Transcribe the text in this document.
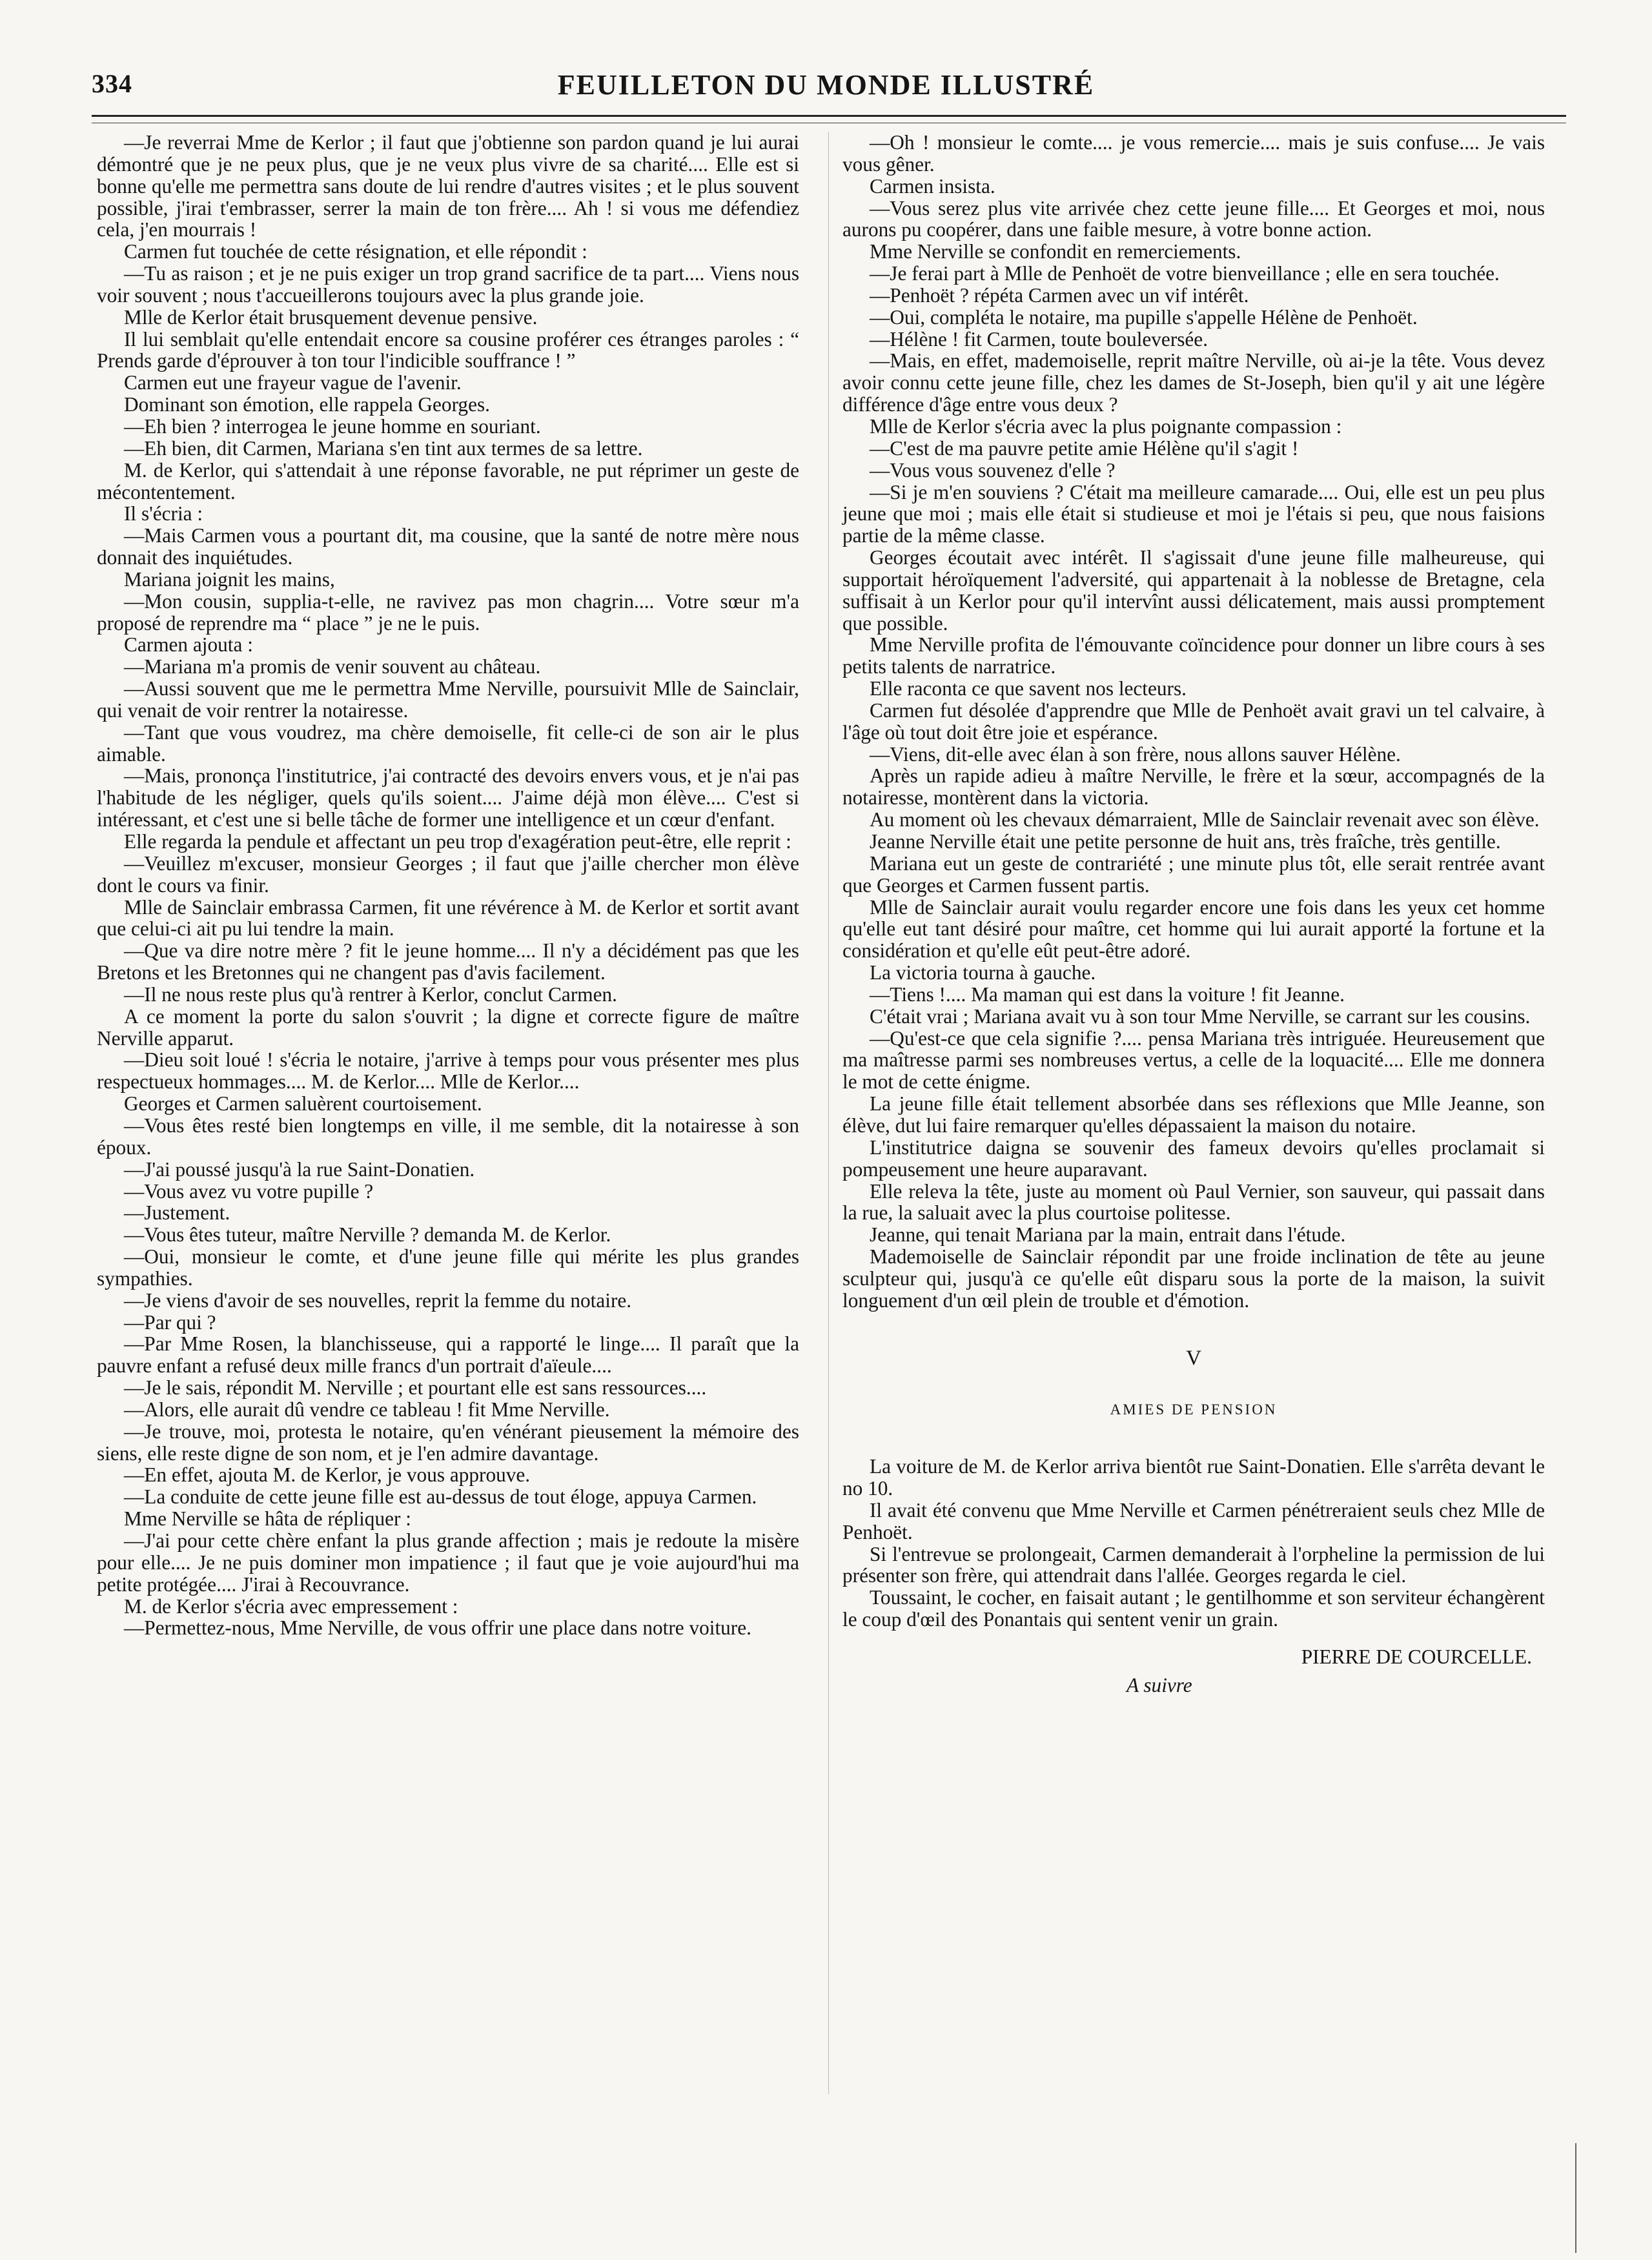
334	FEUILLETON DU MONDE ILLUSTRÉ

—Je reverrai Mme de Kerlor ; il faut que j'obtienne son pardon quand je lui aurai démontré que je ne peux plus, que je ne veux plus vivre de sa charité.... Elle est si bonne qu'elle me permettra sans doute de lui rendre d'autres visites ; et le plus souvent possible, j'irai t'embrasser, serrer la main de ton frère.... Ah ! si vous me défendiez cela, j'en mourrais !

Carmen fut touchée de cette résignation, et elle répondit :

—Tu as raison ; et je ne puis exiger un trop grand sacrifice de ta part.... Viens nous voir souvent ; nous t'accueillerons toujours avec la plus grande joie.

Mlle de Kerlor était brusquement devenue pensive.

Il lui semblait qu'elle entendait encore sa cousine proférer ces étranges paroles : “ Prends garde d'éprouver à ton tour l'indicible souffrance ! ”

Carmen eut une frayeur vague de l'avenir.

Dominant son émotion, elle rappela Georges.

—Eh bien ? interrogea le jeune homme en souriant.

—Eh bien, dit Carmen, Mariana s'en tint aux termes de sa lettre.

M. de Kerlor, qui s'attendait à une réponse favorable, ne put réprimer un geste de mécontentement.

Il s'écria :

—Mais Carmen vous a pourtant dit, ma cousine, que la santé de notre mère nous donnait des inquiétudes.

Mariana joignit les mains,

—Mon cousin, supplia-t-elle, ne ravivez pas mon chagrin.... Votre sœur m'a proposé de reprendre ma “ place ” je ne le puis.

Carmen ajouta :

—Mariana m'a promis de venir souvent au château.

—Aussi souvent que me le permettra Mme Nerville, poursuivit Mlle de Sainclair, qui venait de voir rentrer la notairesse.

—Tant que vous voudrez, ma chère demoiselle, fit celle-ci de son air le plus aimable.

—Mais, prononça l'institutrice, j'ai contracté des devoirs envers vous, et je n'ai pas l'habitude de les négliger, quels qu'ils soient.... J'aime déjà mon élève.... C'est si intéressant, et c'est une si belle tâche de former une intelligence et un cœur d'enfant.

Elle regarda la pendule et affectant un peu trop d'exagération peut-être, elle reprit :

—Veuillez m'excuser, monsieur Georges ; il faut que j'aille chercher mon élève dont le cours va finir.

Mlle de Sainclair embrassa Carmen, fit une révérence à M. de Kerlor et sortit avant que celui-ci ait pu lui tendre la main.

—Que va dire notre mère ? fit le jeune homme.... Il n'y a décidément pas que les Bretons et les Bretonnes qui ne changent pas d'avis facilement.

—Il ne nous reste plus qu'à rentrer à Kerlor, conclut Carmen.

A ce moment la porte du salon s'ouvrit ; la digne et correcte figure de maître Nerville apparut.

—Dieu soit loué ! s'écria le notaire, j'arrive à temps pour vous présenter mes plus respectueux hommages.... M. de Kerlor.... Mlle de Kerlor....

Georges et Carmen saluèrent courtoisement.

—Vous êtes resté bien longtemps en ville, il me semble, dit la notairesse à son époux.

—J'ai poussé jusqu'à la rue Saint-Donatien.

—Vous avez vu votre pupille ?

—Justement.

—Vous êtes tuteur, maître Nerville ? demanda M. de Kerlor.

—Oui, monsieur le comte, et d'une jeune fille qui mérite les plus grandes sympathies.

—Je viens d'avoir de ses nouvelles, reprit la femme du notaire.

—Par qui ?

—Par Mme Rosen, la blanchisseuse, qui a rapporté le linge.... Il paraît que la pauvre enfant a refusé deux mille francs d'un portrait d'aïeule....

—Je le sais, répondit M. Nerville ; et pourtant elle est sans ressources....

—Alors, elle aurait dû vendre ce tableau ! fit Mme Nerville.

—Je trouve, moi, protesta le notaire, qu'en vénérant pieusement la mémoire des siens, elle reste digne de son nom, et je l'en admire davantage.

—En effet, ajouta M. de Kerlor, je vous approuve.

—La conduite de cette jeune fille est au-dessus de tout éloge, appuya Carmen.

Mme Nerville se hâta de répliquer :

—J'ai pour cette chère enfant la plus grande affection ; mais je redoute la misère pour elle.... Je ne puis dominer mon impatience ; il faut que je voie aujourd'hui ma petite protégée.... J'irai à Recouvrance.

M. de Kerlor s'écria avec empressement :

—Permettez-nous, Mme Nerville, de vous offrir une place dans notre voiture.

—Oh ! monsieur le comte.... je vous remercie.... mais je suis confuse.... Je vais vous gêner.

Carmen insista.

—Vous serez plus vite arrivée chez cette jeune fille.... Et Georges et moi, nous aurons pu coopérer, dans une faible mesure, à votre bonne action.

Mme Nerville se confondit en remerciements.

—Je ferai part à Mlle de Penhoët de votre bienveillance ; elle en sera touchée.

—Penhoët ? répéta Carmen avec un vif intérêt.

—Oui, compléta le notaire, ma pupille s'appelle Hélène de Penhoët.

—Hélène ! fit Carmen, toute bouleversée.

—Mais, en effet, mademoiselle, reprit maître Nerville, où ai-je la tête. Vous devez avoir connu cette jeune fille, chez les dames de St-Joseph, bien qu'il y ait une légère différence d'âge entre vous deux ?

Mlle de Kerlor s'écria avec la plus poignante compassion :

—C'est de ma pauvre petite amie Hélène qu'il s'agit !

—Vous vous souvenez d'elle ?

—Si je m'en souviens ? C'était ma meilleure camarade.... Oui, elle est un peu plus jeune que moi ; mais elle était si studieuse et moi je l'étais si peu, que nous faisions partie de la même classe.

Georges écoutait avec intérêt. Il s'agissait d'une jeune fille malheureuse, qui supportait héroïquement l'adversité, qui appartenait à la noblesse de Bretagne, cela suffisait à un Kerlor pour qu'il intervînt aussi délicatement, mais aussi promptement que possible.

Mme Nerville profita de l'émouvante coïncidence pour donner un libre cours à ses petits talents de narratrice.

Elle raconta ce que savent nos lecteurs.

Carmen fut désolée d'apprendre que Mlle de Penhoët avait gravi un tel calvaire, à l'âge où tout doit être joie et espérance.

—Viens, dit-elle avec élan à son frère, nous allons sauver Hélène.

Après un rapide adieu à maître Nerville, le frère et la sœur, accompagnés de la notairesse, montèrent dans la victoria.

Au moment où les chevaux démarraient, Mlle de Sainclair revenait avec son élève.

Jeanne Nerville était une petite personne de huit ans, très fraîche, très gentille.

Mariana eut un geste de contrariété ; une minute plus tôt, elle serait rentrée avant que Georges et Carmen fussent partis.

Mlle de Sainclair aurait voulu regarder encore une fois dans les yeux cet homme qu'elle eut tant désiré pour maître, cet homme qui lui aurait apporté la fortune et la considération et qu'elle eût peut-être adoré.

La victoria tourna à gauche.

—Tiens !.... Ma maman qui est dans la voiture ! fit Jeanne.

C'était vrai ; Mariana avait vu à son tour Mme Nerville, se carrant sur les cousins.

—Qu'est-ce que cela signifie ?.... pensa Mariana très intriguée. Heureusement que ma maîtresse parmi ses nombreuses vertus, a celle de la loquacité.... Elle me donnera le mot de cette énigme.

La jeune fille était tellement absorbée dans ses réflexions que Mlle Jeanne, son élève, dut lui faire remarquer qu'elles dépassaient la maison du notaire.

L'institutrice daigna se souvenir des fameux devoirs qu'elles proclamait si pompeusement une heure auparavant.

Elle releva la tête, juste au moment où Paul Vernier, son sauveur, qui passait dans la rue, la saluait avec la plus courtoise politesse.

Jeanne, qui tenait Mariana par la main, entrait dans l'étude.

Mademoiselle de Sainclair répondit par une froide inclination de tête au jeune sculpteur qui, jusqu'à ce qu'elle eût disparu sous la porte de la maison, la suivit longuement d'un œil plein de trouble et d'émotion.

V

AMIES DE PENSION

La voiture de M. de Kerlor arriva bientôt rue Saint-Donatien. Elle s'arrêta devant le no 10.

Il avait été convenu que Mme Nerville et Carmen pénétreraient seuls chez Mlle de Penhoët.

Si l'entrevue se prolongeait, Carmen demanderait à l'orpheline la permission de lui présenter son frère, qui attendrait dans l'allée. Georges regarda le ciel.

Toussaint, le cocher, en faisait autant ; le gentilhomme et son serviteur échangèrent le coup d'œil des Ponantais qui sentent venir un grain.

PIERRE DE COURCELLE.

A suivre
